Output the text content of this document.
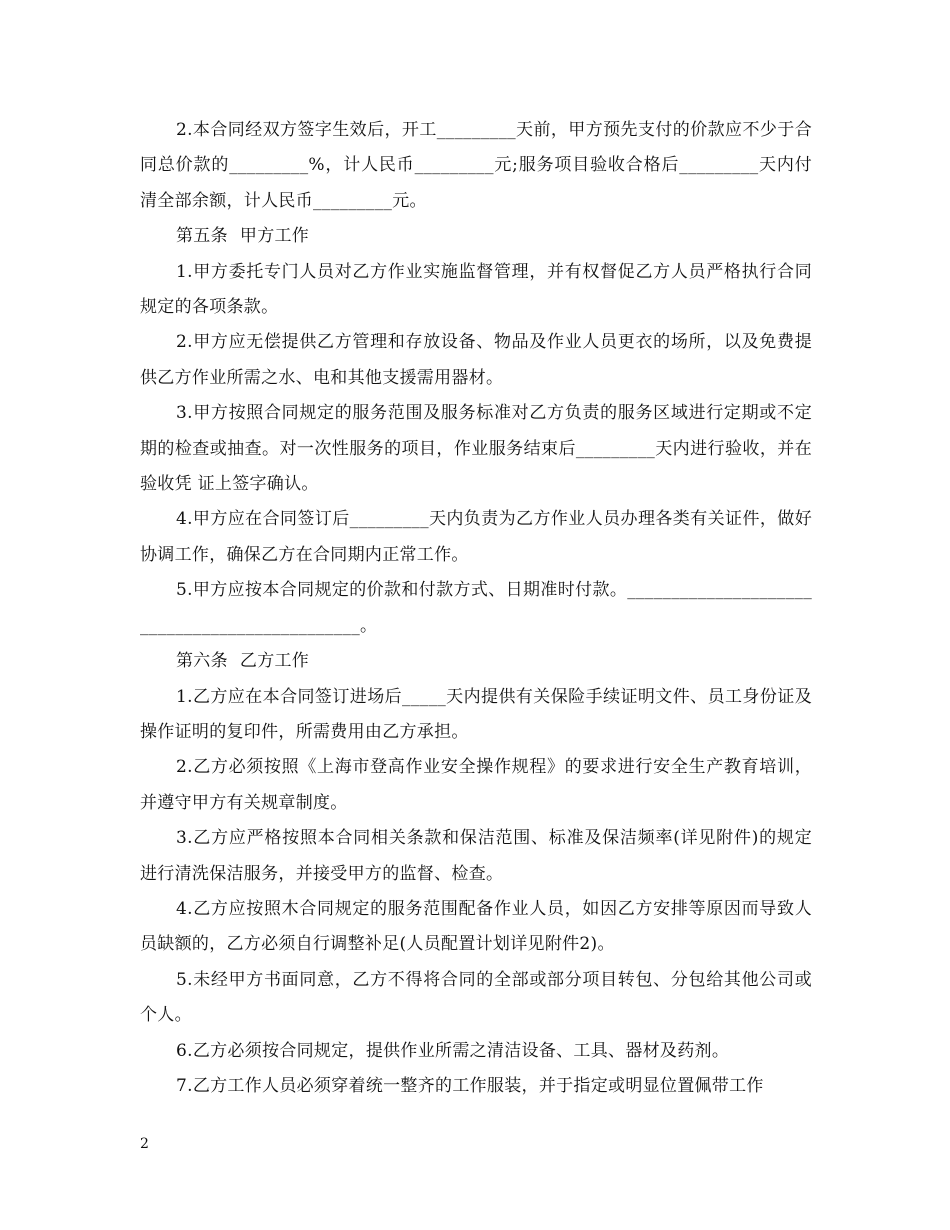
2.本合同经双方签字生效后，开工_________天前，甲方预先支付的价款应不少于合同总价款的_________%，计人民币_________元;服务项目验收合格后_________天内付清全部余额，计人民币_________元。

第五条 甲方工作

1.甲方委托专门人员对乙方作业实施监督管理，并有权督促乙方人员严格执行合同规定的各项条款。

2.甲方应无偿提供乙方管理和存放设备、物品及作业人员更衣的场所，以及免费提供乙方作业所需之水、电和其他支援需用器材。

3.甲方按照合同规定的服务范围及服务标准对乙方负责的服务区域进行定期或不定期的检查或抽查。对一次性服务的项目，作业服务结束后_________天内进行验收，并在验收凭 证上签字确认。

4.甲方应在合同签订后_________天内负责为乙方作业人员办理各类有关证件，做好协调工作，确保乙方在合同期内正常工作。

5.甲方应按本合同规定的价款和付款方式、日期准时付款。______________________________________________。

第六条 乙方工作

1.乙方应在本合同签订进场后_____天内提供有关保险手续证明文件、员工身份证及操作证明的复印件，所需费用由乙方承担。

2.乙方必须按照《上海市登高作业安全操作规程》的要求进行安全生产教育培训，并遵守甲方有关规章制度。

3.乙方应严格按照本合同相关条款和保洁范围、标准及保洁频率(详见附件)的规定进行清洗保洁服务，并接受甲方的监督、检查。

4.乙方应按照木合同规定的服务范围配备作业人员，如因乙方安排等原因而导致人员缺额的，乙方必须自行调整补足(人员配置计划详见附件2)。

5.未经甲方书面同意，乙方不得将合同的全部或部分项目转包、分包给其他公司或个人。

6.乙方必须按合同规定，提供作业所需之清洁设备、工具、器材及药剂。

7.乙方工作人员必须穿着统一整齐的工作服装，并于指定或明显位置佩带工作

2
